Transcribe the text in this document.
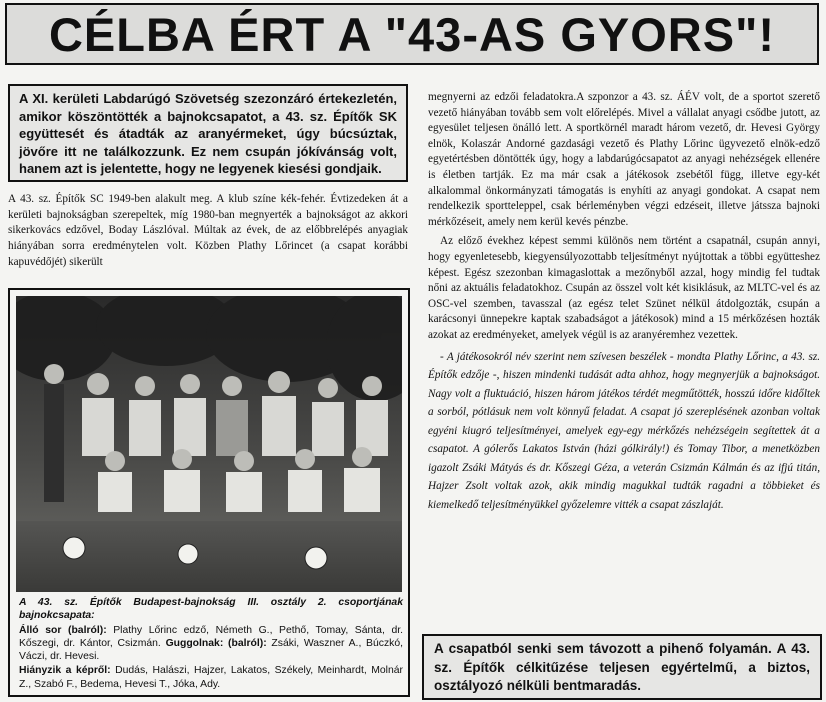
CÉLBA ÉRT A "43-AS GYORS"!

A XI. kerületi Labdarúgó Szövetség szezonzáró értekezletén, amikor köszöntötték a bajnokcsapatot, a 43. sz. Építők SK együttesét és átadták az aranyérmeket, úgy búcsúztak, jövőre itt ne találkozzunk. Ez nem csupán jókívánság volt, hanem azt is jelentette, hogy ne legyenek kiesési gondjaik.

A 43. sz. Építők SC 1949-ben alakult meg. A klub színe kék-fehér. Évtizedeken át a kerületi bajnokságban szerepeltek, míg 1980-ban megnyerték a bajnokságot az akkori sikerkovács edzővel, Boday Lászlóval. Múltak az évek, de az előbbrelépés anyagiak hiányában sorra eredménytelen volt. Közben Plathy Lőrincet (a csapat korábbi kapuvédőjét) sikerült

A 43. sz. Építők Budapest-bajnokság III. osztály 2. csoportjának bajnokcsapata:

Álló sor (balról): Plathy Lőrinc edző, Németh G., Pethő, Tomay, Sánta, dr. Kőszegi, dr. Kántor, Csizmán. Guggolnak: (balról): Zsáki, Waszner A., Búczkó, Váczi, dr. Hevesi.

Hiányzik a képről: Dudás, Halászi, Hajzer, Lakatos, Székely, Meinhardt, Molnár Z., Szabó F., Bedema, Hevesi T., Jóka, Ady.

megnyerni az edzői feladatokra.A szponzor a 43. sz. ÁÉV volt, de a sportot szerető vezető hiányában tovább sem volt előrelépés. Mivel a vállalat anyagi csődbe jutott, az egyesület teljesen önálló lett. A sportkörnél maradt három vezető, dr. Hevesi György elnök, Kolaszár Andorné gazdasági vezető és Plathy Lőrinc ügyvezető elnök-edző egyetértésben döntötték úgy, hogy a labdarúgócsapatot az anyagi nehézségek ellenére is életben tartják. Ez ma már csak a játékosok zsebétől függ, illetve egy-két alkalommal önkormányzati támogatás is enyhíti az anyagi gondokat. A csapat nem rendelkezik sportteleppel, csak bérleményben végzi edzéseit, illetve játssza bajnoki mérkőzéseit, amely nem kerül kevés pénzbe.

Az előző évekhez képest semmi különös nem történt a csapatnál, csupán annyi, hogy egyenletesebb, kiegyensúlyozottabb teljesítményt nyújtottak a többi együtteshez képest. Egész szezonban kimagaslottak a mezőnyből azzal, hogy mindig fel tudtak nőni az aktuális feladatokhoz. Csupán az összel volt két kisiklásuk, az MLTC-vel és az OSC-vel szemben, tavasszal (az egész telet Szünet nélkül átdolgozták, csupán a karácsonyi ünnepekre kaptak szabadságot a játékosok) mind a 15 mérkőzésen hozták azokat az eredményeket, amelyek végül is az aranyéremhez vezettek.

- A játékosokról név szerint nem szívesen beszélek - mondta Plathy Lőrinc, a 43. sz. Építők edzője -, hiszen mindenki tudását adta ahhoz, hogy megnyerjük a bajnokságot. Nagy volt a fluktuáció, hiszen három játékos térdét megműtötték, hosszú időre kidőltek a sorból, pótlásuk nem volt könnyű feladat. A csapat jó szereplésének azonban voltak egyéni kiugró teljesítményei, amelyek egy-egy mérkőzés nehézségein segítettek át a csapatot. A gólerős Lakatos István (házi gólkirály!) és Tomay Tibor, a menetközben igazolt Zsáki Mátyás és dr. Kőszegi Géza, a veterán Csizmán Kálmán és az ifjú titán, Hajzer Zsolt voltak azok, akik mindig magukkal tudták ragadni a többieket és kiemelkedő teljesítményükkel győzelemre vitték a csapat zászlaját.

A csapatból senki sem távozott a pihenő folyamán. A 43. sz. Építők célkitűzése teljesen egyértelmű, a biztos, osztályozó nélküli bentmaradás.
